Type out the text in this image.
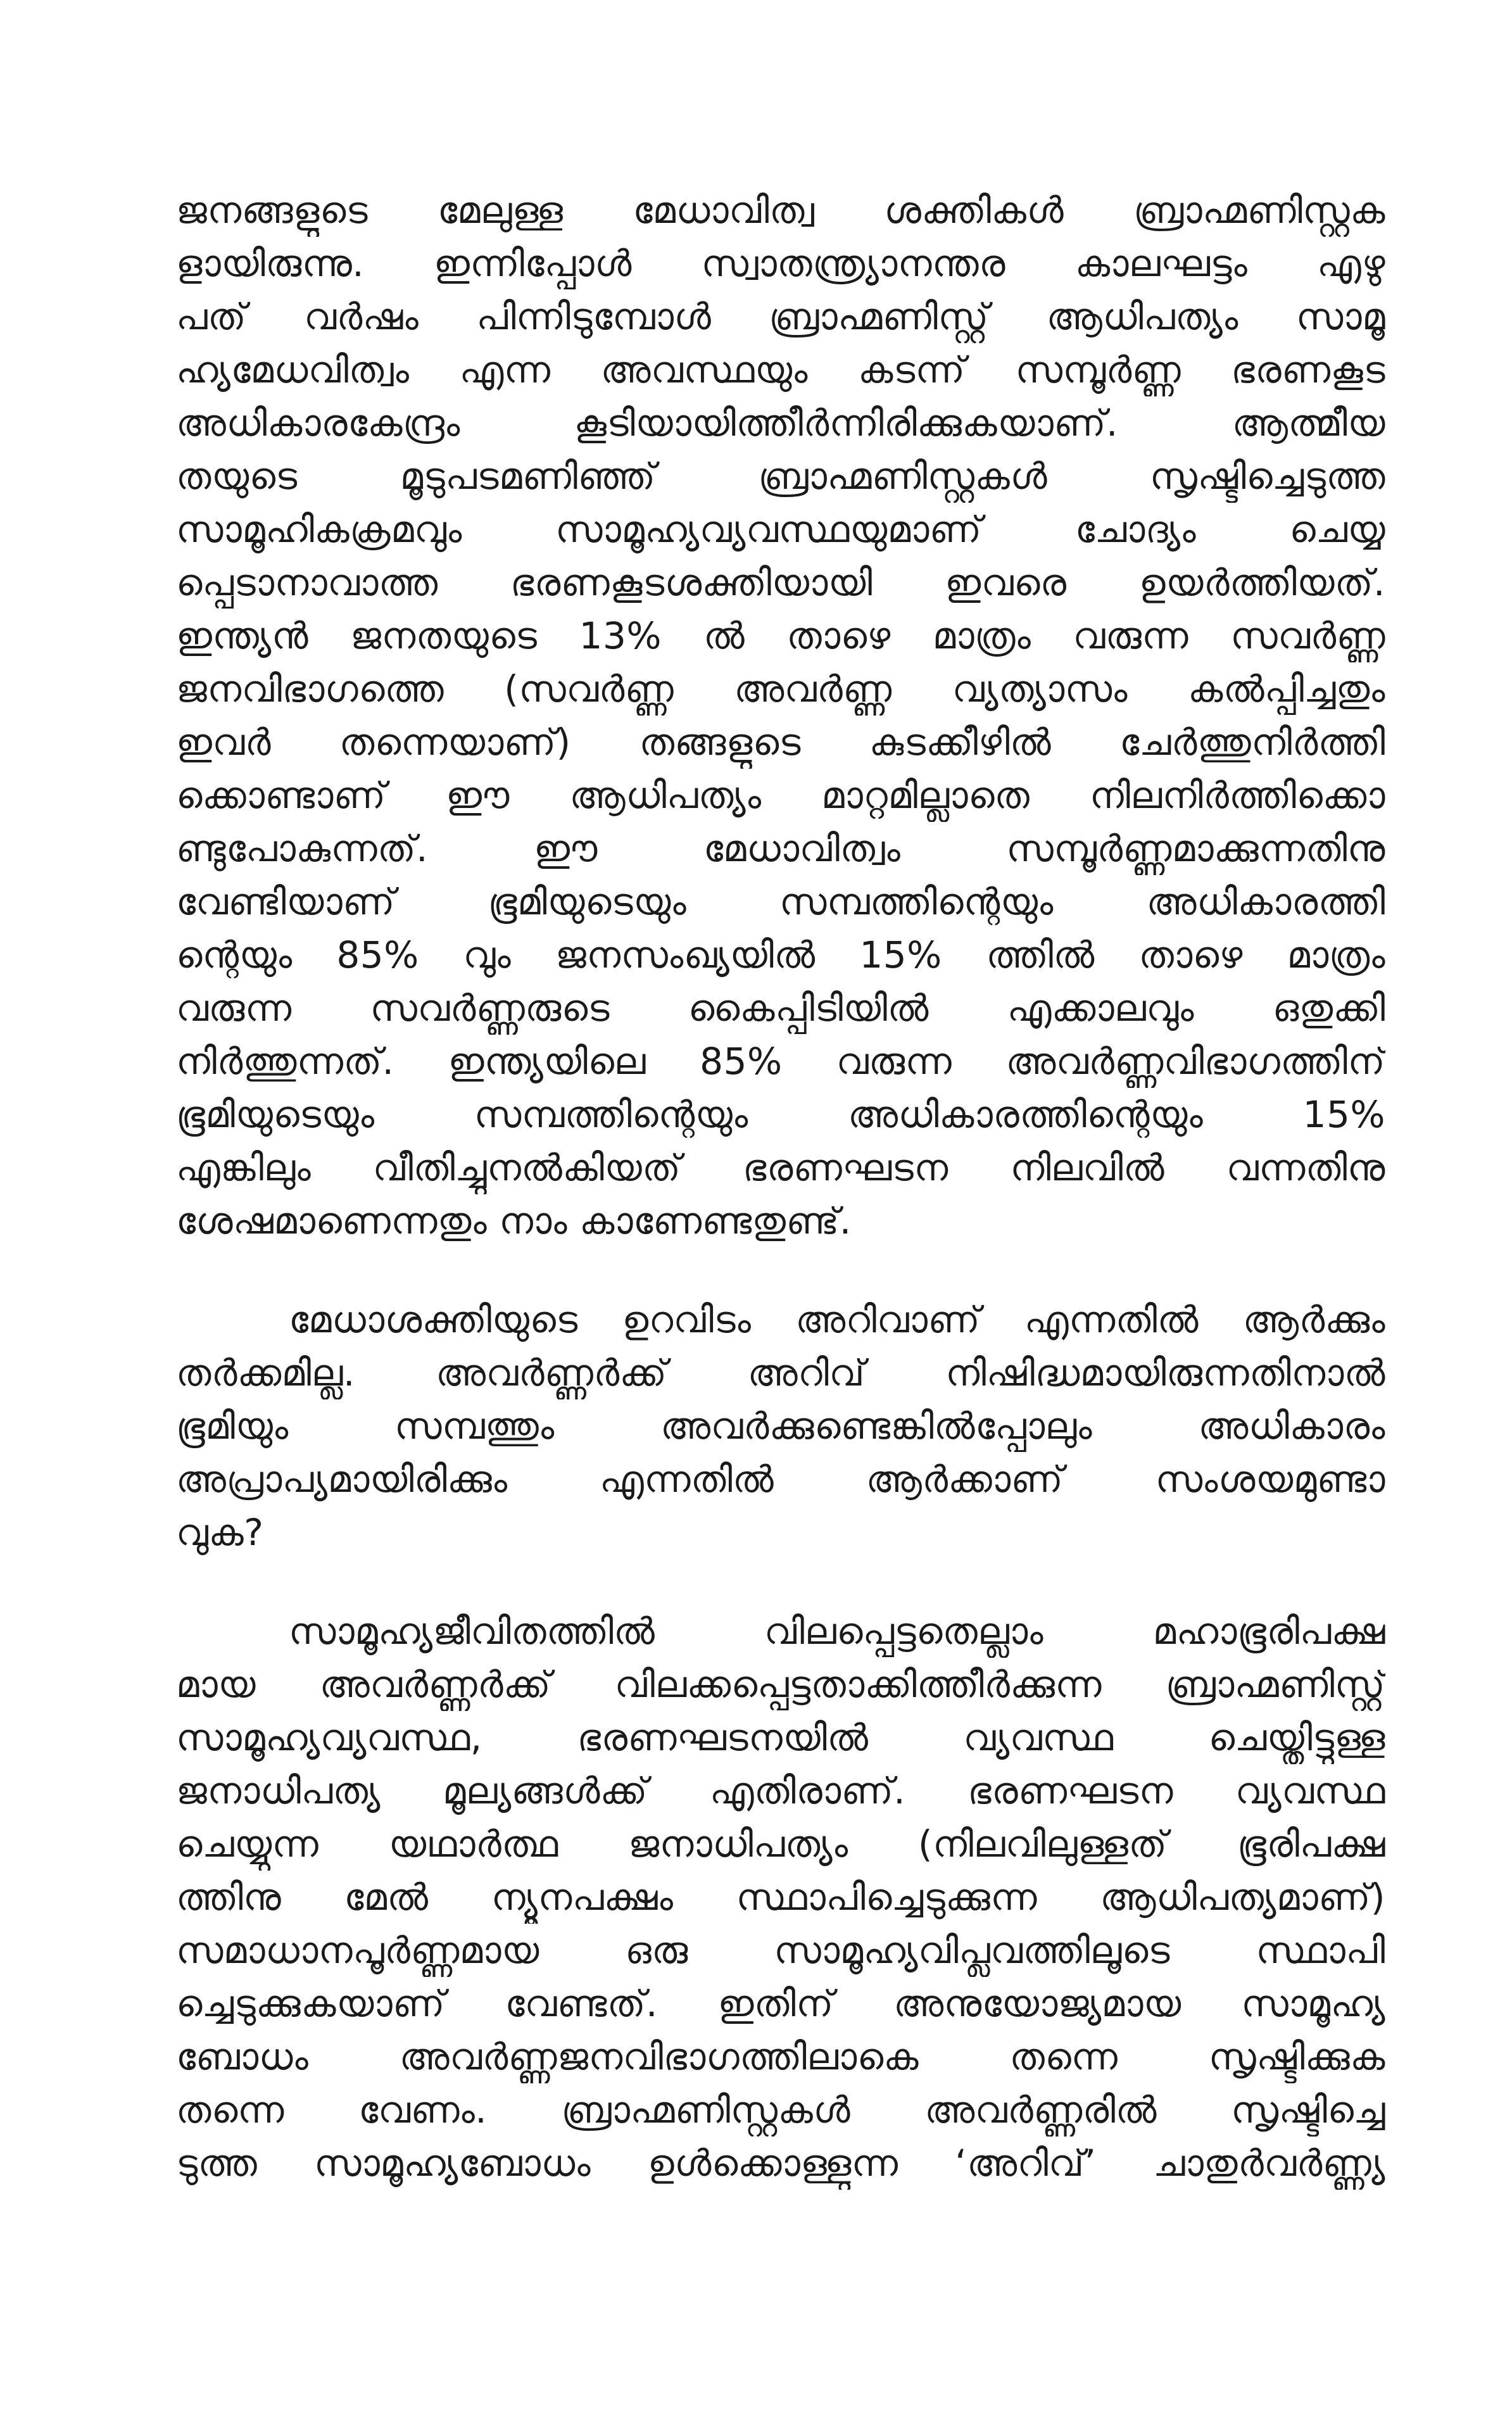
ജനങ്ങളുടെ മേലുള്ള മേധാവിത്വ ശക്തികൾ ബ്രാഹ്മണിസ്റ്റുക
ളായിരുന്നു. ഇന്നിപ്പോൾ സ്വാതന്ത്ര്യാനന്തര കാലഘട്ടം എഴു
പത് വർഷം പിന്നിടുമ്പോൾ ബ്രാഹ്മണിസ്റ്റ് ആധിപത്യം സാമൂ
ഹ്യമേധവിത്വം എന്ന അവസ്ഥയും കടന്ന് സമ്പൂർണ്ണ ഭരണകൂട
അധികാരകേന്ദ്രം കൂടിയായിത്തീർന്നിരിക്കുകയാണ്. ആത്മീയ
തയുടെ മൂടുപടമണിഞ്ഞ് ബ്രാഹ്മണിസ്റ്റുകൾ സൃഷ്ടിച്ചെടുത്ത
സാമൂഹികക്രമവും സാമൂഹ്യവ്യവസ്ഥയുമാണ് ചോദ്യം ചെയ്യ
പ്പെടാനാവാത്ത ഭരണകൂടശക്തിയായി ഇവരെ ഉയർത്തിയത്.
ഇന്ത്യൻ ജനതയുടെ 13% ൽ താഴെ മാത്രം വരുന്ന സവർണ്ണ
ജനവിഭാഗത്തെ (സവർണ്ണ അവർണ്ണ വ്യത്യാസം കൽപ്പിച്ചതും
ഇവർ തന്നെയാണ്) തങ്ങളുടെ കുടക്കീഴിൽ ചേർത്തുനിർത്തി
ക്കൊണ്ടാണ് ഈ ആധിപത്യം മാറ്റമില്ലാതെ നിലനിർത്തിക്കൊ
ണ്ടുപോകുന്നത്. ഈ മേധാവിത്വം സമ്പൂർണ്ണമാക്കുന്നതിനു
വേണ്ടിയാണ് ഭൂമിയുടെയും സമ്പത്തിന്റെയും അധികാരത്തി
ന്റെയും 85% വും ജനസംഖ്യയിൽ 15% ത്തിൽ താഴെ മാത്രം
വരുന്ന സവർണ്ണരുടെ കൈപ്പിടിയിൽ എക്കാലവും ഒതുക്കി
നിർത്തുന്നത്. ഇന്ത്യയിലെ 85% വരുന്ന അവർണ്ണവിഭാഗത്തിന്
ഭൂമിയുടെയും സമ്പത്തിന്റെയും അധികാരത്തിന്റെയും 15%
എങ്കിലും വീതിച്ചുനൽകിയത് ഭരണഘടന നിലവിൽ വന്നതിനു
ശേഷമാണെന്നതും നാം കാണേണ്ടതുണ്ട്.
മേധാശക്തിയുടെ ഉറവിടം അറിവാണ് എന്നതിൽ ആർക്കും
തർക്കമില്ല. അവർണ്ണർക്ക് അറിവ് നിഷിദ്ധമായിരുന്നതിനാൽ
ഭൂമിയും സമ്പത്തും അവർക്കുണ്ടെങ്കിൽപ്പോലും അധികാരം
അപ്രാപ്യമായിരിക്കും എന്നതിൽ ആർക്കാണ് സംശയമുണ്ടാ
വുക?
സാമൂഹ്യജീവിതത്തിൽ വിലപ്പെട്ടതെല്ലാം മഹാഭൂരിപക്ഷ
മായ അവർണ്ണർക്ക് വിലക്കപ്പെട്ടതാക്കിത്തീർക്കുന്ന ബ്രാഹ്മണിസ്റ്റ്
സാമൂഹ്യവ്യവസ്ഥ, ഭരണഘടനയിൽ വ്യവസ്ഥ ചെയ്തിട്ടുള്ള
ജനാധിപത്യ മൂല്യങ്ങൾക്ക് എതിരാണ്. ഭരണഘടന വ്യവസ്ഥ
ചെയ്യുന്ന യഥാർത്ഥ ജനാധിപത്യം (നിലവിലുള്ളത് ഭൂരിപക്ഷ
ത്തിനു മേൽ ന്യൂനപക്ഷം സ്ഥാപിച്ചെടുക്കുന്ന ആധിപത്യമാണ്)
സമാധാനപൂർണ്ണമായ ഒരു സാമൂഹ്യവിപ്ലവത്തിലൂടെ സ്ഥാപി
ച്ചെടുക്കുകയാണ് വേണ്ടത്. ഇതിന് അനുയോജ്യമായ സാമൂഹ്യ
ബോധം അവർണ്ണജനവിഭാഗത്തിലാകെ തന്നെ സൃഷ്ടിക്കുക
തന്നെ വേണം. ബ്രാഹ്മണിസ്റ്റുകൾ അവർണ്ണരിൽ സൃഷ്ടിച്ചെ
ടുത്ത സാമൂഹ്യബോധം ഉൾക്കൊള്ളുന്ന ‘അറിവ്’ ചാതുർവർണ്ണ്യ
